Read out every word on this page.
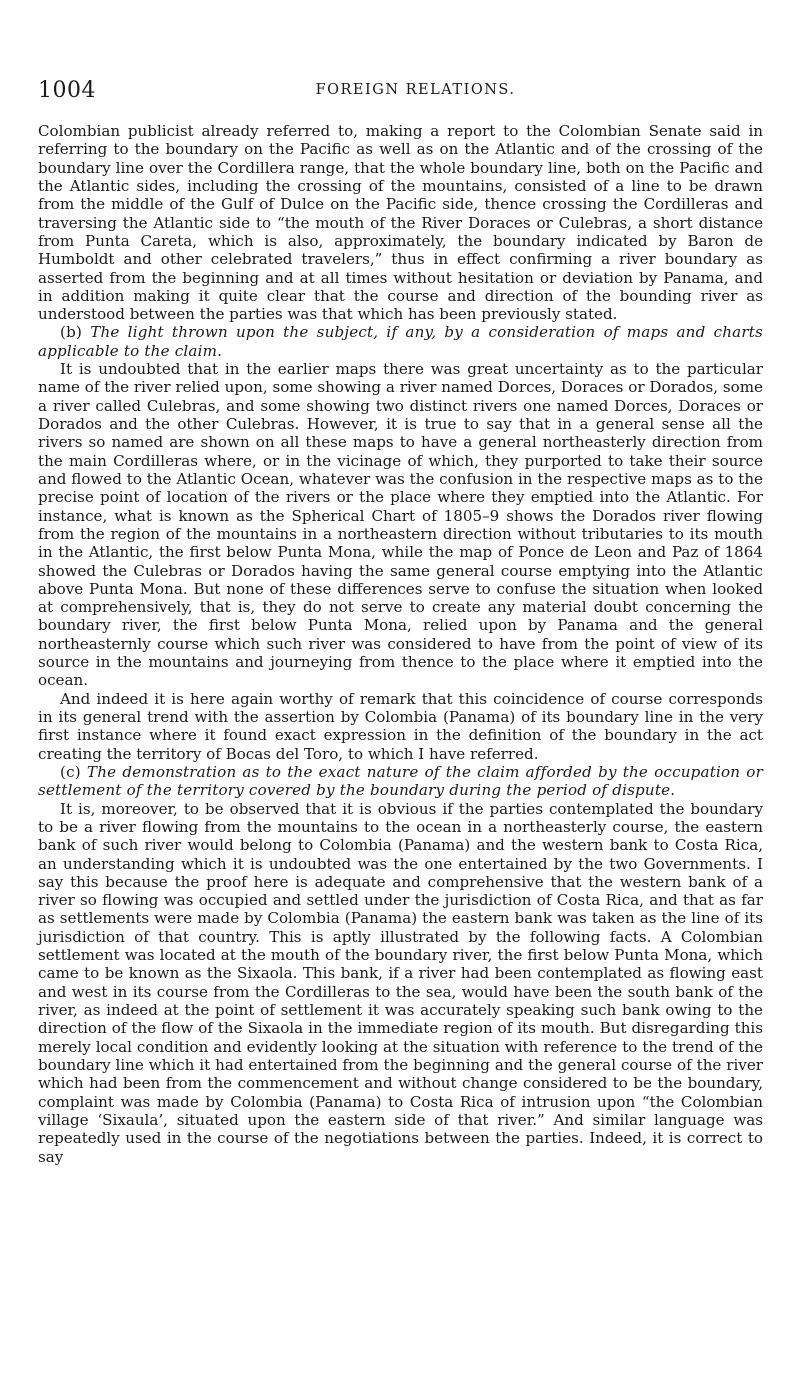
1004	FOREIGN RELATIONS.

Colombian publicist already referred to, making a report to the Colombian Senate said in referring to the boundary on the Pacific as well as on the Atlantic and of the crossing of the boundary line over the Cordillera range, that the whole boundary line, both on the Pacific and the Atlantic sides, including the crossing of the mountains, consisted of a line to be drawn from the middle of the Gulf of Dulce on the Pacific side, thence crossing the Cordilleras and traversing the Atlantic side to “the mouth of the River Doraces or Culebras, a short distance from Punta Careta, which is also, approximately, the boundary indicated by Baron de Humboldt and other celebrated travelers,” thus in effect confirming a river boundary as asserted from the beginning and at all times without hesitation or deviation by Panama, and in addition making it quite clear that the course and direction of the bounding river as understood between the parties was that which has been previously stated.

(b) The light thrown upon the subject, if any, by a consideration of maps and charts applicable to the claim.

It is undoubted that in the earlier maps there was great uncertainty as to the particular name of the river relied upon, some showing a river named Dorces, Doraces or Dorados, some a river called Culebras, and some showing two distinct rivers one named Dorces, Doraces or Dorados and the other Culebras. However, it is true to say that in a general sense all the rivers so named are shown on all these maps to have a general northeasterly direction from the main Cordilleras where, or in the vicinage of which, they purported to take their source and flowed to the Atlantic Ocean, whatever was the confusion in the respective maps as to the precise point of location of the rivers or the place where they emptied into the Atlantic. For instance, what is known as the Spherical Chart of 1805–9 shows the Dorados river flowing from the region of the mountains in a northeastern direction without tributaries to its mouth in the Atlantic, the first below Punta Mona, while the map of Ponce de Leon and Paz of 1864 showed the Culebras or Dorados having the same general course emptying into the Atlantic above Punta Mona. But none of these differences serve to confuse the situation when looked at comprehensively, that is, they do not serve to create any material doubt concerning the boundary river, the first below Punta Mona, relied upon by Panama and the general northeasternly course which such river was considered to have from the point of view of its source in the mountains and journeying from thence to the place where it emptied into the ocean.

And indeed it is here again worthy of remark that this coincidence of course corresponds in its general trend with the assertion by Colombia (Panama) of its boundary line in the very first instance where it found exact expression in the definition of the boundary in the act creating the territory of Bocas del Toro, to which I have referred.

(c) The demonstration as to the exact nature of the claim afforded by the occupation or settlement of the territory covered by the boundary during the period of dispute.

It is, moreover, to be observed that it is obvious if the parties contemplated the boundary to be a river flowing from the mountains to the ocean in a northeasterly course, the eastern bank of such river would belong to Colombia (Panama) and the western bank to Costa Rica, an understanding which it is undoubted was the one entertained by the two Governments. I say this because the proof here is adequate and comprehensive that the western bank of a river so flowing was occupied and settled under the jurisdiction of Costa Rica, and that as far as settlements were made by Colombia (Panama) the eastern bank was taken as the line of its jurisdiction of that country. This is aptly illustrated by the following facts. A Colombian settlement was located at the mouth of the boundary river, the first below Punta Mona, which came to be known as the Sixaola. This bank, if a river had been contemplated as flowing east and west in its course from the Cordilleras to the sea, would have been the south bank of the river, as indeed at the point of settlement it was accurately speaking such bank owing to the direction of the flow of the Sixaola in the immediate region of its mouth. But disregarding this merely local condition and evidently looking at the situation with reference to the trend of the boundary line which it had entertained from the beginning and the general course of the river which had been from the commencement and without change considered to be the boundary, complaint was made by Colombia (Panama) to Costa Rica of intrusion upon “the Colombian village ‘Sixaula’, situated upon the eastern side of that river.” And similar language was repeatedly used in the course of the negotiations between the parties. Indeed, it is correct to say
